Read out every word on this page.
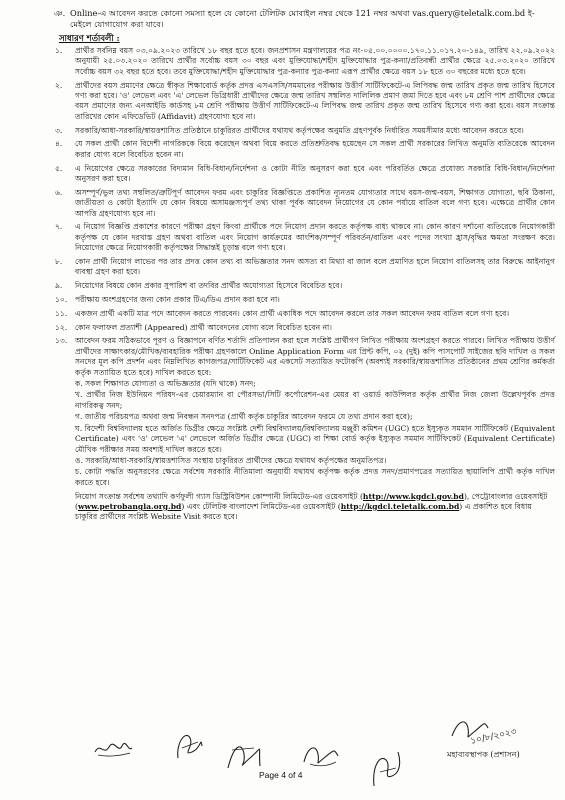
ঞ. Online-এ আবেদন করতে কোনো সমস্যা হলে যে কোনো টেলিটক মোবাইল নম্বর থেকে 121 নম্বর অথবা vas.query@teletalk.com.bd ই-মেইলে যোগাযোগ করা যাবে।
সাধারণ শর্তাবলী :
১.	প্রার্থীর সর্বনিম্ন বয়স ০৩.০৯.২০২৩ তারিখে ১৮ বছর হতে হবে। জনপ্রশাসন মন্ত্রণালয়ের পত্র নং-০৫.০০.০০০০.১৭০.১১.০১৭.২০-১৪৯, তারিখ ২২.০৯.২০২২ অনুযায়ী ২৫.০৩.২০২০ তারিখে প্রার্থীর সর্বোচ্চ বয়স ৩০ বছর এবং মুক্তিযোদ্ধা/শহীদ মুক্তিযোদ্ধার পুত্র-কন্যা/প্রতিবন্ধী প্রার্থীর ক্ষেত্রে ২৫.০৩.২০২০ তারিখে সর্বোচ্চ বয়স ৩২ বছর হতে হবে। তবে মুক্তিযোদ্ধা/শহীদ মুক্তিযোদ্ধার পুত্র-কন্যার পুত্র-কন্যা এরূপ প্রার্থীর ক্ষেত্রে বয়স ১৮ হতে ৩০ বছরের মধ্যে হতে হবে।
২.	প্রার্থীদের বয়স প্রমাণের ক্ষেত্রে স্বীকৃত শিক্ষাবোর্ড কর্তৃক প্রদত্ত এসএসসি/সমমানের পরীক্ষায় উত্তীর্ণ সার্টিফিকেটে-এ লিপিবদ্ধ জন্ম তারিখ প্রকৃত জন্ম তারিখ হিসেবে গণ্য করা হবে। 'ও' লেভেল এবং 'এ' লেভেল ডিগ্রিধারী প্রার্থীদের ক্ষেত্রে জন্ম তারিখ সম্বলিত দালিলিক প্রমাণ জমা দিতে হবে এবং ৮ম শ্রেণি পাশ প্রার্থীদের ক্ষেত্রে বয়স প্রমাণের জন্য এনআইডি কার্ডসহ ৮ম শ্রেণি পরীক্ষায় উত্তীর্ণ সার্টিফিকেটে-এ লিপিবদ্ধ জন্ম তারিখ প্রকৃত জন্ম তারিখ হিসেবে গণ্য করা হবে। বয়স সংক্রান্ত তারিখের কোন এফিডেভিট (Affidavit) গ্রহণযোগ্য হবে না।
৩.	সরকারি/আধা-সরকারি/স্বায়ত্তশাসিত প্রতিষ্ঠানে চাকুরিরত প্রার্থীদের যথাযথ কর্তৃপক্ষের অনুমতি গ্রহণপূর্বক নির্ধারিত সময়সীমার মধ্যে আবেদন করতে হবে।
৪.	যে সকল প্রার্থী কোন বিদেশী নাগরিককে বিয়ে করেছেন অথবা বিয়ে করতে প্রতিশ্রুতিবদ্ধ হয়েছেন সে সকল প্রার্থী সরকারের লিখিত অনুমতি ব্যতিরেকে আবেদন করার যোগ্য বলে বিবেচিত হবেন না।
৫.	এ নিয়োগের ক্ষেত্রে সরকারের বিদ্যমান বিধি-বিধান/নির্দেশনা ও কোটা নীতি অনুসরণ করা হবে এবং পরিবর্তিত ক্ষেত্রে প্রযোজ্য সরকারি বিধি-বিধান/নির্দেশনা অনুসরণ করা হবে।
৬.	অসম্পূর্ণ/ভুল তথ্য সম্বলিত/ত্রুটিপূর্ণ আবেদন ফরম এবং চাকুরির বিজ্ঞপ্তিতে প্রকাশিত ন্যূনতম যোগ্যতার সাথে বয়স-জন্ম-বয়স, শিক্ষাগত যোগ্যতা, ছবি ঠিকানা, জাতীয়তা ও কোটা ইত্যাদি যে কোন বিষয়ে অসামঞ্জস্যপূর্ণ তথ্য থাকা পূর্বক আবেদন নিয়োগের যে কোন পর্যায়ে বাতিল বলে গণ্য হবে। এক্ষেত্রে প্রার্থীর কোন আপত্তি গ্রহণযোগ্য হবে না।
৭.	এ নিয়োগ বিজ্ঞপ্তি প্রকাশের কারণে পরীক্ষা গ্রহণ কিংবা প্রার্থীকে পদে নিয়োগ প্রদান করতে কর্তৃপক্ষ বাধ্য থাকবে না। কোন কারণ দর্শানো ব্যতিরেকে নিয়োগকারী কর্তৃপক্ষ যে কোন দরখাস্ত গ্রহণ অথবা বাতিল এবং নিয়োগ কার্যক্রমের আংশিক/সম্পূর্ণ পরিবর্তন/বাতিল এবং পদের সংখ্যা হ্রাস/বৃদ্ধির ক্ষমতা সংরক্ষণ করে। নিয়োগের ক্ষেত্রে নিয়োগকারী কর্তৃপক্ষের সিদ্ধান্তই চূড়ান্ত বলে গণ্য হবে।
৮.	কোন প্রার্থী নিয়োগ লাভের পর তার প্রদত্ত কোন তথ্য বা অভিজ্ঞতার সনদ অসত্য বা মিথ্যা বা জাল বলে প্রমাণিত হলে নিয়োগ বাতিলসহ তার বিরুদ্ধে আইনানুগ ব্যবস্থা গ্রহণ করা হবে।
৯.	নিয়োগের বিষয়ে কোন প্রকার সুপারিশ বা তদবির প্রার্থীর অযোগ্যতা হিসেবে বিবেচিত হবে।
১০.	পরীক্ষায় অংশগ্রহণের জন্য কোন প্রকার টিএ/ডিএ প্রদান করা হবে না।
১১.	একজন প্রার্থী একটি মাত্র পদে আবেদন করতে পারবেন। কোন প্রার্থী একাধিক পদে আবেদন করলে তার সকল আবেদন ফরম বাতিল বলে গণ্য হবে।
১২.	কোন ফলাফল প্রত্যাশী (Appeared) প্রার্থী আবেদনের যোগ্য বলে বিবেচিত হবেন না।
১৩.	আবেদন ফরম সঠিকভাবে পূরণ ও বিজ্ঞাপনে বর্ণিত শর্তাদি প্রতিপালন করা হলে সংশ্লিষ্ট প্রার্থীগণ লিখিত পরীক্ষায় অংশগ্রহণ করতে পারবে। লিখিত পরীক্ষায় উত্তীর্ণ প্রার্থীদের সাক্ষাৎকার/মৌখিক/ব্যবহারিক পরীক্ষা গ্রহণকালে Online Application Form এর প্রিন্ট কপি, ০২ (দুই) কপি পাসপোর্ট সাইজের ছবি দাখিল ও সকল সনদের মূল কপি প্রদর্শন এবং নিম্নলিখিত কাগজপত্র/সার্টিফিকেট এর একসেট সত্যায়িত ফটোকপি (অবশ্যই সরকারি/স্বায়ত্তশাসিত প্রতিষ্ঠানের প্রথম শ্রেণির কর্মকর্তা কর্তৃক সত্যায়িত হতে হবে) দাখিল করতে হবে:

ক. সকল শিক্ষাগত যোগ্যতা ও অভিজ্ঞতার (যদি থাকে) সনদ;

খ. প্রার্থীর নিজ ইউনিয়ন পরিষদ-এর চেয়ারম্যান বা পৌরসভা/সিটি কর্পোরেশন-এর মেয়র বা ওয়ার্ড কাউন্সিলর কর্তৃক প্রার্থীর নিজ জেলা উল্লেখপূর্বক প্রদত্ত নাগরিকত্ব সনদ;

গ. জাতীয় পরিচয়পত্র অথবা জন্ম নিবন্ধন সনদপত্র (প্রার্থী কর্তৃক চাকুরির আবেদন ফরমে যে তথ্য প্রদান করা হবে);

ঘ. বিদেশী বিশ্ববিদ্যালয় হতে অর্জিত ডিগ্রীর ক্ষেত্রে সংশ্লিষ্ট দেশী বিশ্ববিদ্যালয়/বিশ্ববিদ্যালয় মঞ্জুরী কমিশন (UGC) হতে ইস্যুকৃত সমমান সার্টিফিকেট (Equivalent Certificate) এবং 'ও' লেভেল 'এ' লেভেলে অর্জিত ডিগ্রীর ক্ষেত্রে (UGC) বা শিক্ষা বোর্ড কর্তৃক ইস্যুকৃত সমমান সার্টিফিকেট (Equivalent Certificate) মৌখিক পরীক্ষার সময় অবশ্যই দাখিল করতে হবে।

ঙ. সরকারি/আধা-সরকারি/স্বায়ত্তশাসিত সংস্থায় চাকুরিরত প্রার্থীদের ক্ষেত্রে যথাযথ কর্তৃপক্ষের অনুমতিপত্র।

চ. কোটা পদ্ধতি অনুসরণের ক্ষেত্রে সর্বশেষ সরকারি নীতিমালা অনুযায়ী যথাযথ কর্তৃপক্ষ কর্তৃক প্রদত্ত সনদ/প্রমাণপত্রের সত্যায়িত ছায়ালিপি প্রার্থী কর্তৃক দাখিল করতে হবে।

নিয়োগ সংক্রান্ত সর্বশেষ তথ্যাদি কর্ণফুলী গ্যাস ডিস্ট্রিবিউশন কোম্পানী লিমিটেড-এর ওয়েবসাইট (http://www.kgdcl.gov.bd), পেট্রোবাংলার ওয়েবসাইট (www.petrobangla.org.bd) এবং টেলিটক বাংলাদেশ লিমিটেড-এর ওয়েবসাইট (http://kgdcl.teletalk.com.bd) এ প্রকাশিত হবে বিধায় চাকুরির প্রার্থীদের সংশ্লিষ্ট Website Visit করতে হবে।
১০/৮/২০২৩
মহাব্যবস্থাপক (প্রশাসন)
Page 4 of 4
